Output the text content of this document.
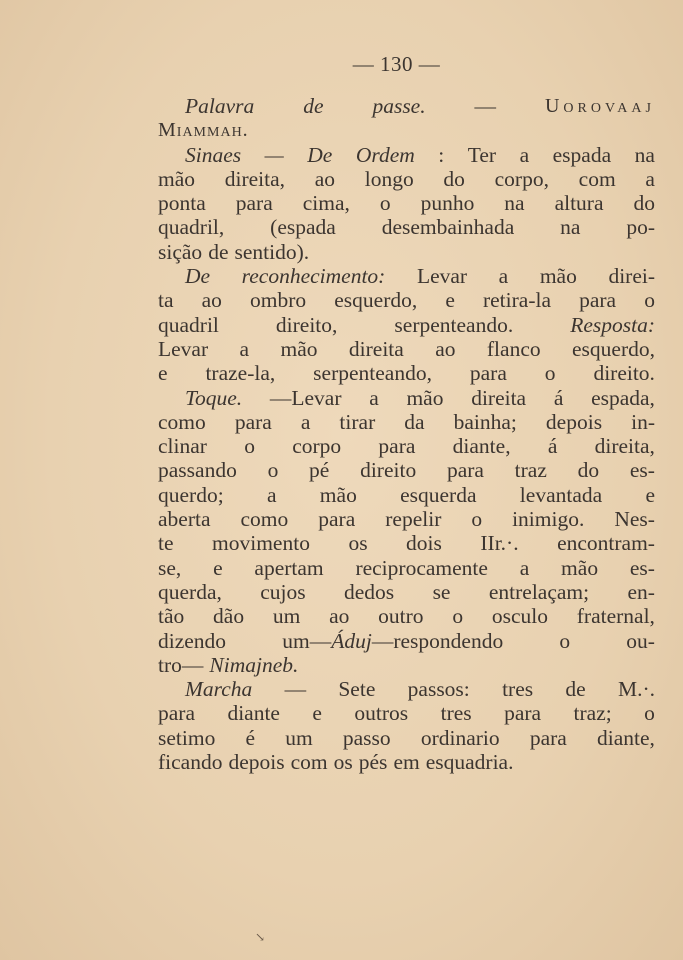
— 130 —
Palavra de passe. — Uorovaaj
Miammah.
Sinaes — De Ordem : Ter a espada na
mão direita, ao longo do corpo, com a
ponta para cima, o punho na altura do
quadril, (espada desembainhada na po-
sição de sentido).
De reconhecimento: Levar a mão direi-
ta ao ombro esquerdo, e retira-la para o
quadril	direito,	serpenteando.	Resposta:
Levar a mão direita ao flanco esquerdo,
e traze-la, serpenteando, para o direito.
Toque. —Levar a mão direita á espada,
como para a tirar da bainha; depois in-
clinar o corpo para diante, á direita,
passando o pé direito para traz do es-
querdo; a mão esquerda levantada e
aberta como para repelir o inimigo. Nes-
te movimento os dois IIr.·. encontram-
se, e apertam reciprocamente a mão es-
querda, cujos dedos se entrelaçam; en-
tão dão um ao outro o osculo fraternal,
dizendo	um—Áduj—respondendo	o	ou-
tro— Nimajneb.
Marcha — Sete passos: tres de M.·.
para diante e outros tres para traz; o
setimo é um passo ordinario para diante,
ficando depois com os pés em esquadria.
↘
